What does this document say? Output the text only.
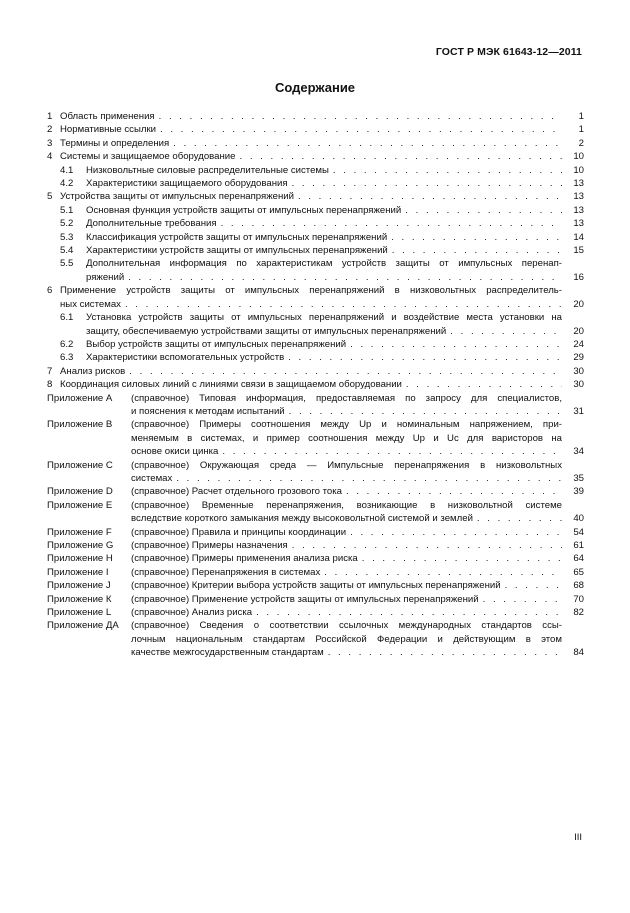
ГОСТ Р МЭК 61643-12—2011
Содержание
1 Область применения . . .	1
2 Нормативные ссылки . . .	1
3 Термины и определения . . .	2
4 Системы и защищаемое оборудование . . .	10
4.1	Низковольтные силовые распределительные системы . . .	10
4.2	Характеристики защищаемого оборудования . . .	13
5 Устройства защиты от импульсных перенапряжений . . .	13
5.1	Основная функция устройств защиты от импульсных перенапряжений . . .	13
5.2	Дополнительные требования . . .	13
5.3	Классификация устройств защиты от импульсных перенапряжений . . .	14
5.4	Характеристики устройств защиты от импульсных перенапряжений . . .	15
5.5	Дополнительная информация по характеристикам устройств защиты от импульсных перенап-
ряжений . . .	16
6 Применение устройств защиты от импульсных перенапряжений в низковольтных распределитель-
ных системах . . .	20
6.1	Установка устройств защиты от импульсных перенапряжений и воздействие места установки на
защиту, обеспечиваемую устройствами защиты от импульсных перенапряжений . . .	20
6.2	Выбор устройств защиты от импульсных перенапряжений . . .	24
6.3	Характеристики вспомогательных устройств . . .	29
7 Анализ рисков . . .	30
8 Координация силовых линий с линиями связи в защищаемом оборудовании . . .	30
Приложение А	(справочное) Типовая информация, предоставляемая по запросу для специалистов,
и пояснения к методам испытаний . . .	31
Приложение В	(справочное) Примеры соотношения между Uр и номинальным напряжением, при-
меняемым в системах, и пример соотношения между Uр и Uс для варисторов на
основе окиси цинка . . .	34
Приложение С	(справочное) Окружающая среда — Импульсные перенапряжения в низковольтных
системах . . .	35
Приложение D	(справочное) Расчет отдельного грозового тока . . .	39
Приложение Е	(справочное) Временные перенапряжения, возникающие в низковольтной системе
вследствие короткого замыкания между высоковольтной системой и землей . . .	40
Приложение F	(справочное) Правила и принципы координации . . .	54
Приложение G	(справочное) Примеры назначения . . .	61
Приложение Н	(справочное) Примеры применения анализа риска . . .	64
Приложение I	(справочное) Перенапряжения в системах . . .	65
Приложение J	(справочное) Критерии выбора устройств защиты от импульсных перенапряжений . . .	68
Приложение К	(справочное) Применение устройств защиты от импульсных перенапряжений . . .	70
Приложение L	(справочное) Анализ риска . . .	82
Приложение ДА	(справочное) Сведения о соответствии ссылочных международных стандартов ссы-
лочным национальным стандартам Российской Федерации и действующим в этом
качестве межгосударственным стандартам . . .	84
III
